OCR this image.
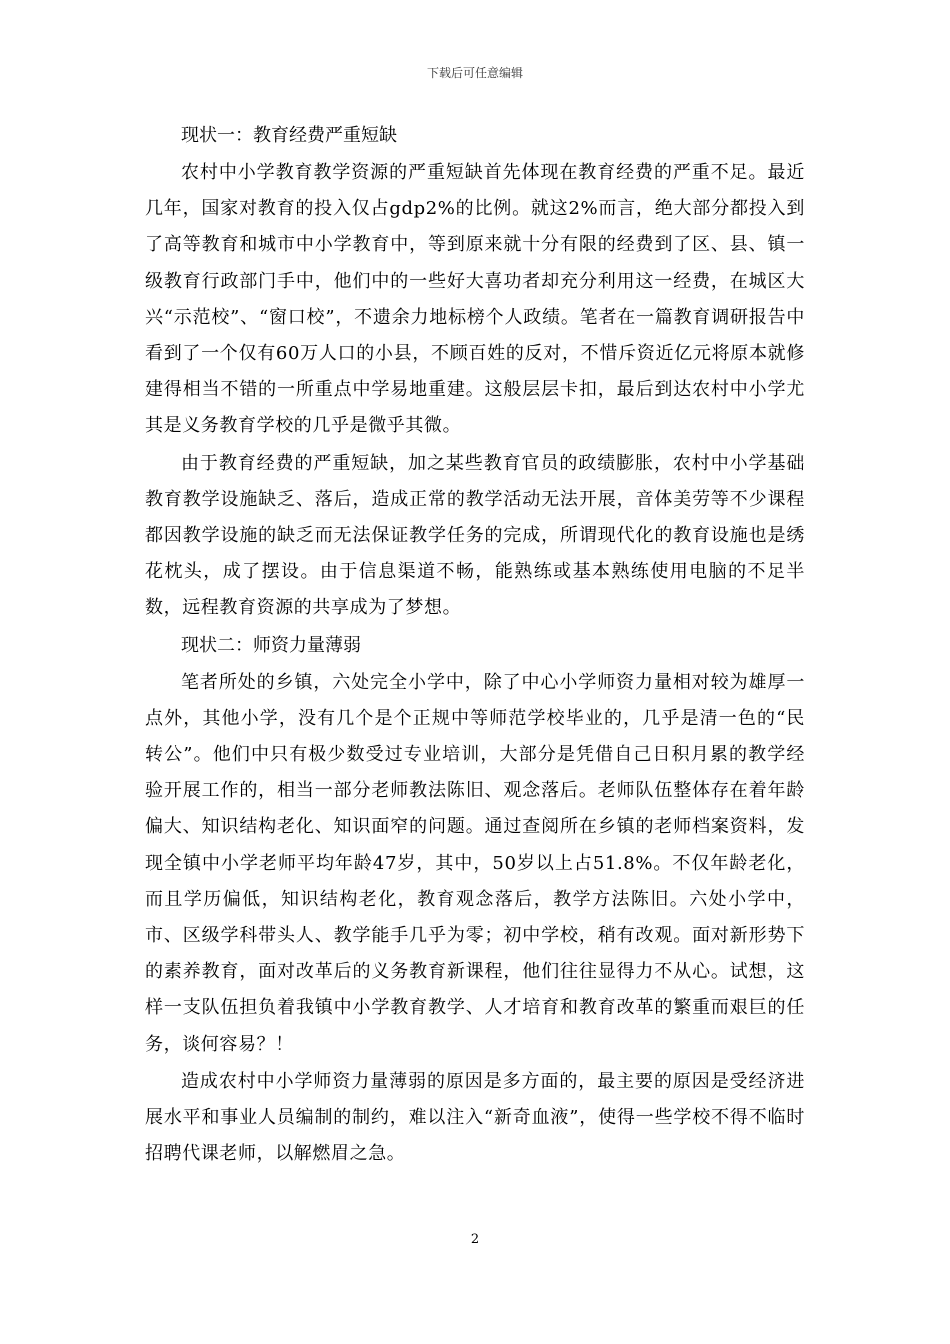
下载后可任意编辑
现状一：教育经费严重短缺

农村中小学教育教学资源的严重短缺首先体现在教育经费的严重不足。最近几年，国家对教育的投入仅占gdp2%的比例。就这2%而言，绝大部分都投入到了高等教育和城市中小学教育中，等到原来就十分有限的经费到了区、县、镇一级教育行政部门手中，他们中的一些好大喜功者却充分利用这一经费，在城区大兴“示范校”、“窗口校”，不遗余力地标榜个人政绩。笔者在一篇教育调研报告中看到了一个仅有60万人口的小县，不顾百姓的反对，不惜斥资近亿元将原本就修建得相当不错的一所重点中学易地重建。这般层层卡扣，最后到达农村中小学尤其是义务教育学校的几乎是微乎其微。

由于教育经费的严重短缺，加之某些教育官员的政绩膨胀，农村中小学基础教育教学设施缺乏、落后，造成正常的教学活动无法开展，音体美劳等不少课程都因教学设施的缺乏而无法保证教学任务的完成，所谓现代化的教育设施也是绣花枕头，成了摆设。由于信息渠道不畅，能熟练或基本熟练使用电脑的不足半数，远程教育资源的共享成为了梦想。

现状二：师资力量薄弱

笔者所处的乡镇，六处完全小学中，除了中心小学师资力量相对较为雄厚一点外，其他小学，没有几个是个正规中等师范学校毕业的，几乎是清一色的“民转公”。他们中只有极少数受过专业培训，大部分是凭借自己日积月累的教学经验开展工作的，相当一部分老师教法陈旧、观念落后。老师队伍整体存在着年龄偏大、知识结构老化、知识面窄的问题。通过查阅所在乡镇的老师档案资料，发现全镇中小学老师平均年龄47岁，其中，50岁以上占51.8%。不仅年龄老化，而且学历偏低，知识结构老化，教育观念落后，教学方法陈旧。六处小学中，市、区级学科带头人、教学能手几乎为零；初中学校，稍有改观。面对新形势下的素养教育，面对改革后的义务教育新课程，他们往往显得力不从心。试想，这样一支队伍担负着我镇中小学教育教学、人才培育和教育改革的繁重而艰巨的任务，谈何容易？！

造成农村中小学师资力量薄弱的原因是多方面的，最主要的原因是受经济进展水平和事业人员编制的制约，难以注入“新奇血液”，使得一些学校不得不临时招聘代课老师，以解燃眉之急。

2
